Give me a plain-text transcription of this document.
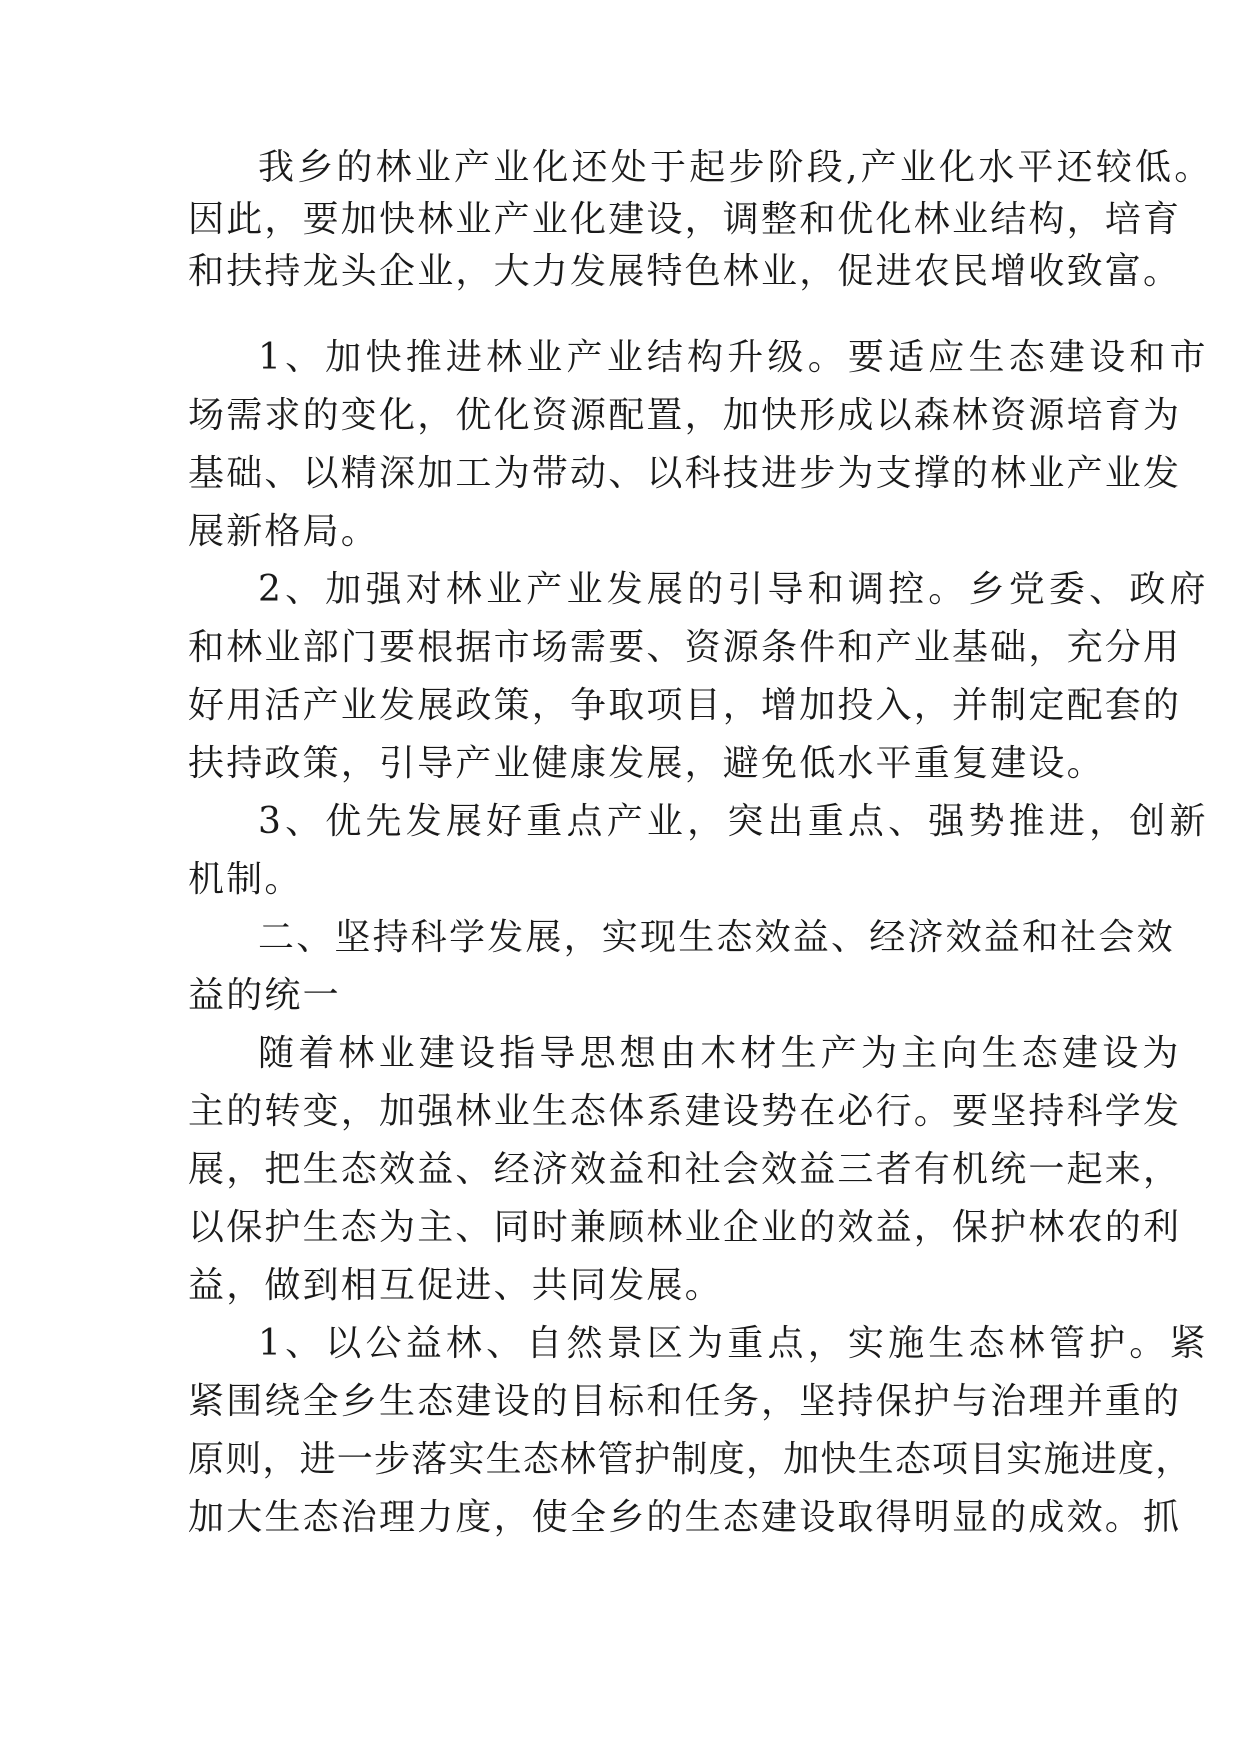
我乡的林业产业化还处于起步阶段,产业化水平还较低。
因此，要加快林业产业化建设，调整和优化林业结构，培育
和扶持龙头企业，大力发展特色林业，促进农民增收致富。
1、加快推进林业产业结构升级。要适应生态建设和市
场需求的变化，优化资源配置，加快形成以森林资源培育为
基础、以精深加工为带动、以科技进步为支撑的林业产业发
展新格局。
2、加强对林业产业发展的引导和调控。乡党委、政府
和林业部门要根据市场需要、资源条件和产业基础，充分用
好用活产业发展政策，争取项目，增加投入，并制定配套的
扶持政策，引导产业健康发展，避免低水平重复建设。
3、优先发展好重点产业，突出重点、强势推进，创新
机制。
二、坚持科学发展，实现生态效益、经济效益和社会效
益的统一
随着林业建设指导思想由木材生产为主向生态建设为
主的转变，加强林业生态体系建设势在必行。要坚持科学发
展，把生态效益、经济效益和社会效益三者有机统一起来，
以保护生态为主、同时兼顾林业企业的效益，保护林农的利
益，做到相互促进、共同发展。
1、以公益林、自然景区为重点，实施生态林管护。紧
紧围绕全乡生态建设的目标和任务，坚持保护与治理并重的
原则，进一步落实生态林管护制度，加快生态项目实施进度，
加大生态治理力度，使全乡的生态建设取得明显的成效。抓
